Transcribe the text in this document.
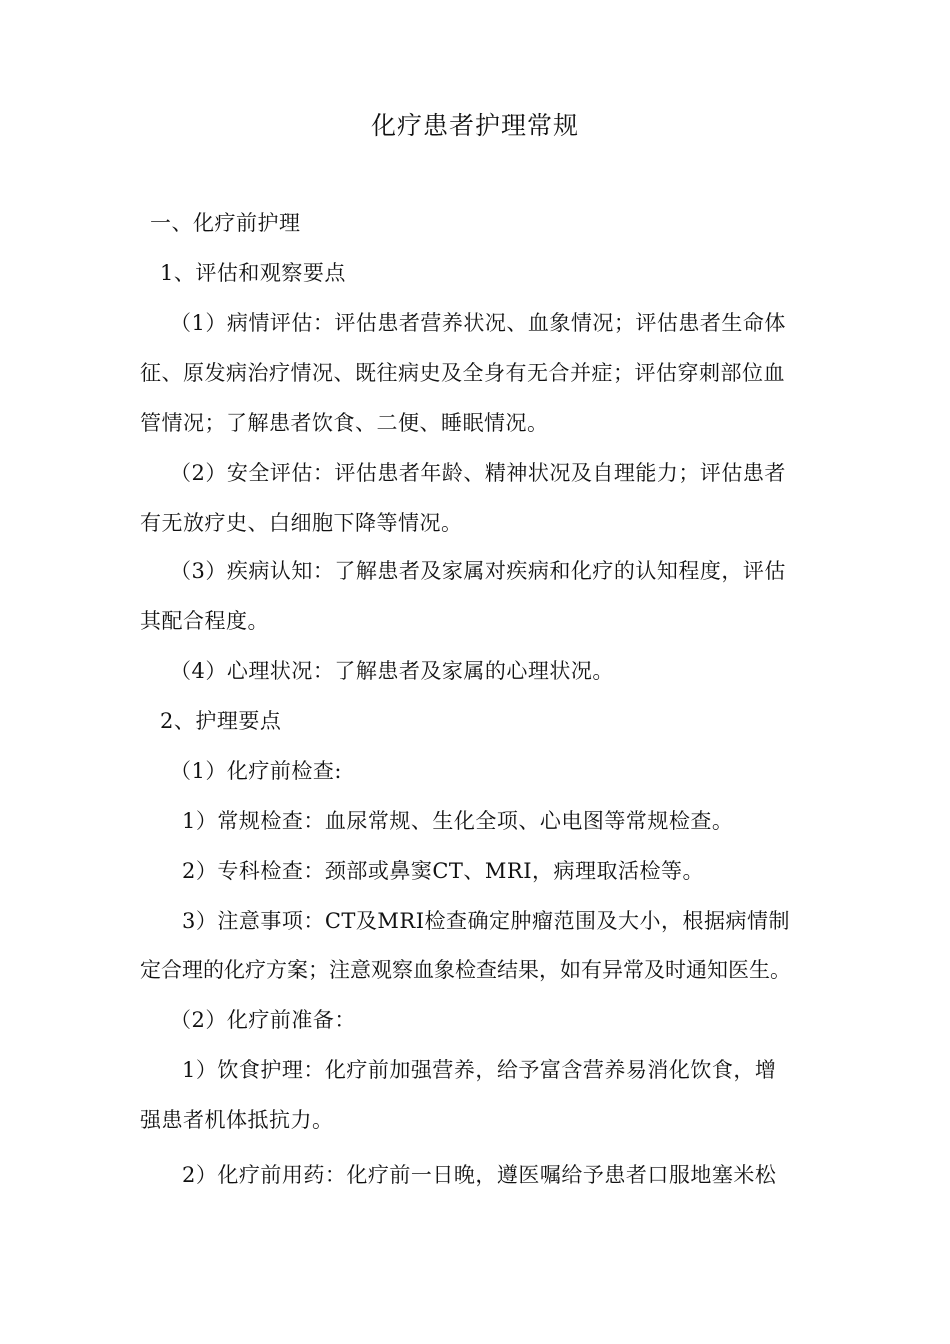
化疗患者护理常规
一、化疗前护理
1、评估和观察要点
（1）病情评估：评估患者营养状况、血象情况；评估患者生命体
征、原发病治疗情况、既往病史及全身有无合并症；评估穿刺部位血
管情况；了解患者饮食、二便、睡眠情况。
（2）安全评估：评估患者年龄、精神状况及自理能力；评估患者
有无放疗史、白细胞下降等情况。
（3）疾病认知：了解患者及家属对疾病和化疗的认知程度，评估
其配合程度。
（4）心理状况：了解患者及家属的心理状况。
2、护理要点
（1）化疗前检查:
1）常规检查：血尿常规、生化全项、心电图等常规检查。
2）专科检查：颈部或鼻窦CT、MRI，病理取活检等。
3）注意事项：CT及MRI检查确定肿瘤范围及大小，根据病情制
定合理的化疗方案；注意观察血象检查结果，如有异常及时通知医生。
（2）化疗前准备：
1）饮食护理：化疗前加强营养，给予富含营养易消化饮食，增
强患者机体抵抗力。
2）化疗前用药：化疗前一日晚，遵医嘱给予患者口服地塞米松
